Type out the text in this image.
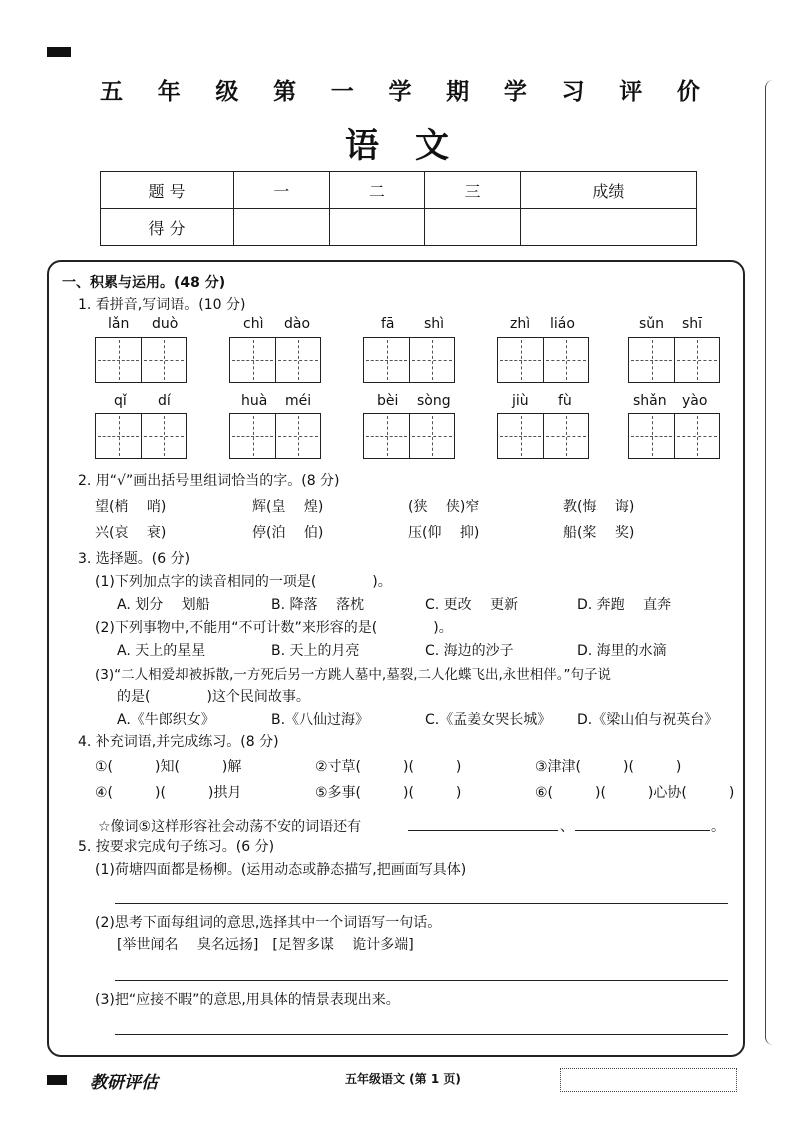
五 年 级 第 一 学 期 学 习 评 价
语文
题 号	一	二	三	成绩
得 分				
一、积累与运用。(48 分)
1. 看拼音,写词语。(10 分)
lǎn duò	chì dào	fā shì	zhì liáo	sǔn shī
qǐ dí	huà méi	bèi sòng	jiù fù	shǎn yào
2. 用“√”画出括号里组词恰当的字。(8 分)
望(梢　 哨)	辉(皇　 煌)	(狭　 侠)窄	教(悔　 诲)
兴(哀　 衰)	停(泊　 伯)	压(仰　 抑)	船(桨　 奖)
3. 选择题。(6 分)
(1)下列加点字的读音相同的一项是(　　　　)。
A. 划分　 划船	B. 降落　 落枕	C. 更改　 更新	D. 奔跑　 直奔
(2)下列事物中,不能用“不可计数”来形容的是(　　　　)。
A. 天上的星星	B. 天上的月亮	C. 海边的沙子	D. 海里的水滴
(3)“二人相爱却被拆散,一方死后另一方跳人墓中,墓裂,二人化蝶飞出,永世相伴。”句子说
的是(　　　　)这个民间故事。
A.《牛郎织女》	B.《八仙过海》	C.《孟姜女哭长城》 D.《梁山伯与祝英台》
4. 补充词语,并完成练习。(8 分)
①(　　　)知(　　　)解	②寸草(　　　)(　　　)	③津津(　　　)(　　　)
④(　　　)(　　　)拱月	⑤多事(　　　)(　　　)	⑥(　　　)(　　　)心协(　　　)
☆像词⑤这样形容社会动荡不安的词语还有	、	。
5. 按要求完成句子练习。(6 分)
(1)荷塘四面都是杨柳。(运用动态或静态描写,把画面写具体)
(2)思考下面每组词的意思,选择其中一个词语写一句话。
[举世闻名　 臭名远扬]　[足智多谋　 诡计多端]
(3)把“应接不暇”的意思,用具体的情景表现出来。
教研评估	五年级语文 (第 1 页)
